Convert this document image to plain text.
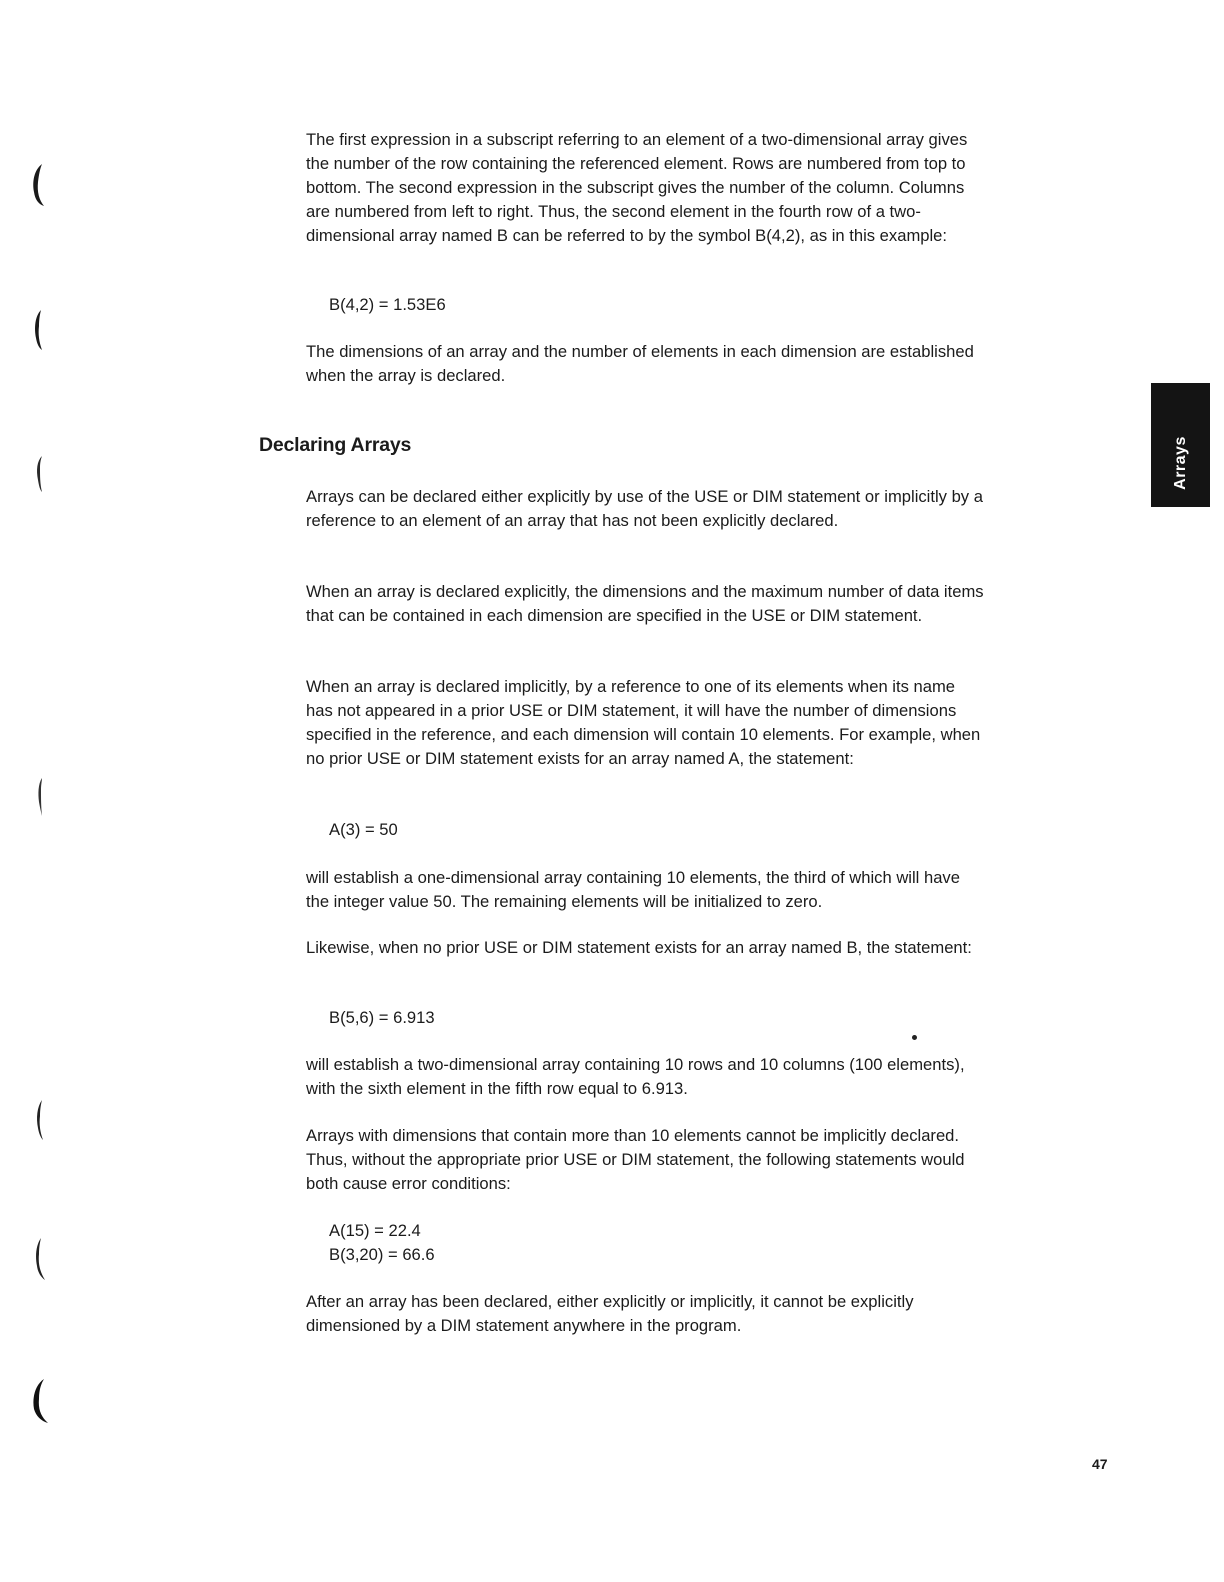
The first expression in a subscript referring to an element of a two-dimensional array gives the number of the row containing the referenced element. Rows are numbered from top to bottom. The second expression in the subscript gives the number of the column. Columns are numbered from left to right. Thus, the second element in the fourth row of a two-dimensional array named B can be referred to by the symbol B(4,2), as in this example:

B(4,2) = 1.53E6

The dimensions of an array and the number of elements in each dimension are established when the array is declared.

Declaring Arrays

Arrays can be declared either explicitly by use of the USE or DIM statement or implicitly by a reference to an element of an array that has not been explicitly declared.

When an array is declared explicitly, the dimensions and the maximum number of data items that can be contained in each dimension are specified in the USE or DIM statement.

When an array is declared implicitly, by a reference to one of its elements when its name has not appeared in a prior USE or DIM statement, it will have the number of dimensions specified in the reference, and each dimension will contain 10 elements. For example, when no prior USE or DIM statement exists for an array named A, the statement:

A(3) = 50

will establish a one-dimensional array containing 10 elements, the third of which will have the integer value 50. The remaining elements will be initialized to zero.

Likewise, when no prior USE or DIM statement exists for an array named B, the statement:

B(5,6) = 6.913

will establish a two-dimensional array containing 10 rows and 10 columns (100 elements), with the sixth element in the fifth row equal to 6.913.

Arrays with dimensions that contain more than 10 elements cannot be implicitly declared. Thus, without the appropriate prior USE or DIM statement, the following statements would both cause error conditions:

A(15) = 22.4

B(3,20) = 66.6

After an array has been declared, either explicitly or implicitly, it cannot be explicitly dimensioned by a DIM statement anywhere in the program.

Arrays

47
